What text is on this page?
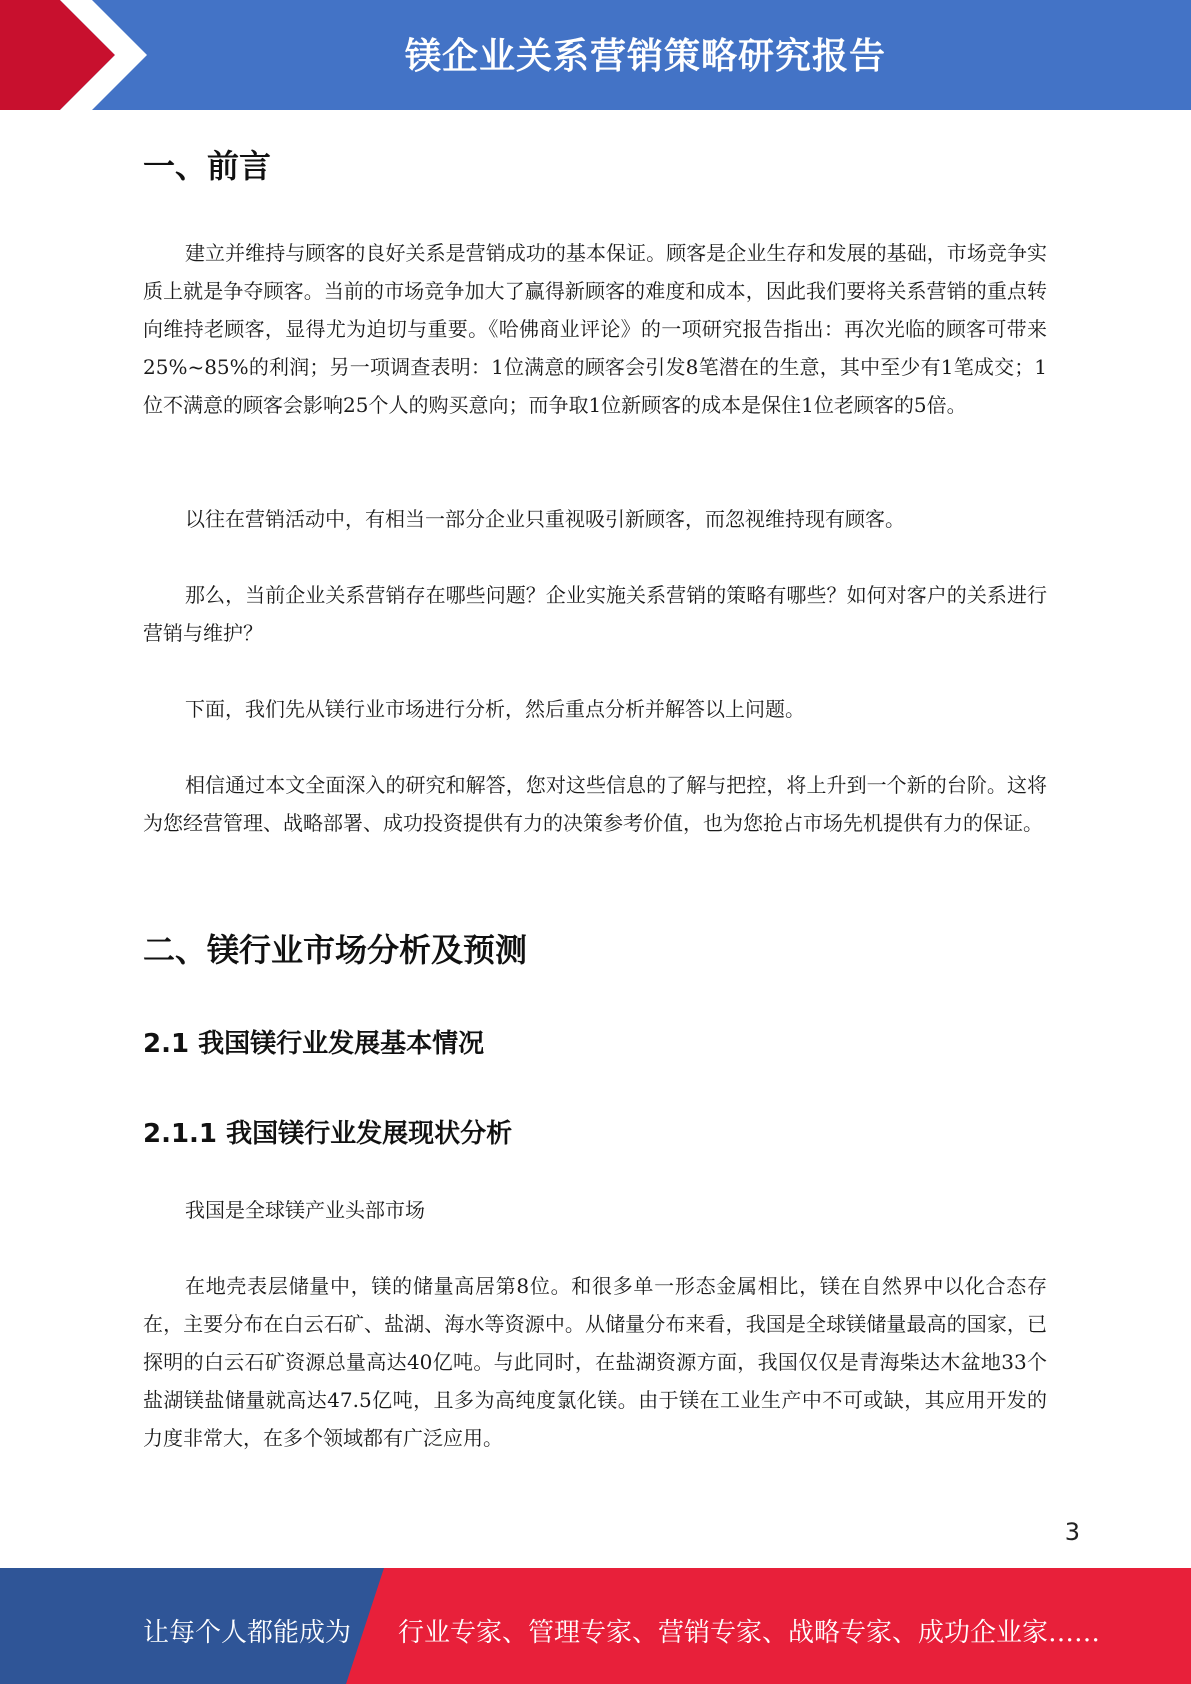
镁企业关系营销策略研究报告
一、前言

建立并维持与顾客的良好关系是营销成功的基本保证。顾客是企业生存和发展的基础，市场竞争实质上就是争夺顾客。当前的市场竞争加大了赢得新顾客的难度和成本，因此我们要将关系营销的重点转向维持老顾客，显得尤为迫切与重要。《哈佛商业评论》的一项研究报告指出：再次光临的顾客可带来25%~85%的利润；另一项调查表明：1位满意的顾客会引发8笔潜在的生意，其中至少有1笔成交；1位不满意的顾客会影响25个人的购买意向；而争取1位新顾客的成本是保住1位老顾客的5倍。

以往在营销活动中，有相当一部分企业只重视吸引新顾客，而忽视维持现有顾客。

那么，当前企业关系营销存在哪些问题？企业实施关系营销的策略有哪些？如何对客户的关系进行营销与维护？

下面，我们先从镁行业市场进行分析，然后重点分析并解答以上问题。

相信通过本文全面深入的研究和解答，您对这些信息的了解与把控，将上升到一个新的台阶。这将为您经营管理、战略部署、成功投资提供有力的决策参考价值，也为您抢占市场先机提供有力的保证。

二、镁行业市场分析及预测
2.1 我国镁行业发展基本情况
2.1.1 我国镁行业发展现状分析

我国是全球镁产业头部市场

在地壳表层储量中，镁的储量高居第8位。和很多单一形态金属相比，镁在自然界中以化合态存在，主要分布在白云石矿、盐湖、海水等资源中。从储量分布来看，我国是全球镁储量最高的国家，已探明的白云石矿资源总量高达40亿吨。与此同时，在盐湖资源方面，我国仅仅是青海柴达木盆地33个盐湖镁盐储量就高达47.5亿吨，且多为高纯度氯化镁。由于镁在工业生产中不可或缺，其应用开发的力度非常大，在多个领域都有广泛应用。

3
让每个人都能成为 行业专家、管理专家、营销专家、战略专家、成功企业家……
